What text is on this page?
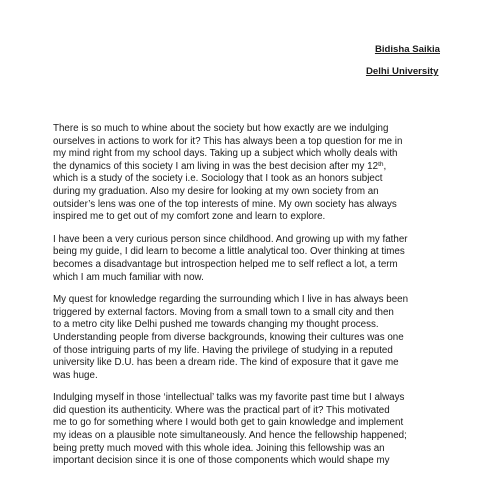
Bidisha Saikia
Delhi University

There is so much to whine about the society but how exactly are we indulging
ourselves in actions to work for it? This has always been a top question for me in
my mind right from my school days. Taking up a subject which wholly deals with
the dynamics of this society I am living in was the best decision after my 12th,
which is a study of the society i.e. Sociology that I took as an honors subject
during my graduation. Also my desire for looking at my own society from an
outsider’s lens was one of the top interests of mine. My own society has always
inspired me to get out of my comfort zone and learn to explore.

I have been a very curious person since childhood. And growing up with my father
being my guide, I did learn to become a little analytical too. Over thinking at times
becomes a disadvantage but introspection helped me to self reflect a lot, a term
which I am much familiar with now.

My quest for knowledge regarding the surrounding which I live in has always been
triggered by external factors. Moving from a small town to a small city and then
to a metro city like Delhi pushed me towards changing my thought process.
Understanding people from diverse backgrounds, knowing their cultures was one
of those intriguing parts of my life. Having the privilege of studying in a reputed
university like D.U. has been a dream ride. The kind of exposure that it gave me
was huge.

Indulging myself in those ‘intellectual’ talks was my favorite past time but I always
did question its authenticity. Where was the practical part of it? This motivated
me to go for something where I would both get to gain knowledge and implement
my ideas on a plausible note simultaneously. And hence the fellowship happened;
being pretty much moved with this whole idea. Joining this fellowship was an
important decision since it is one of those components which would shape my
